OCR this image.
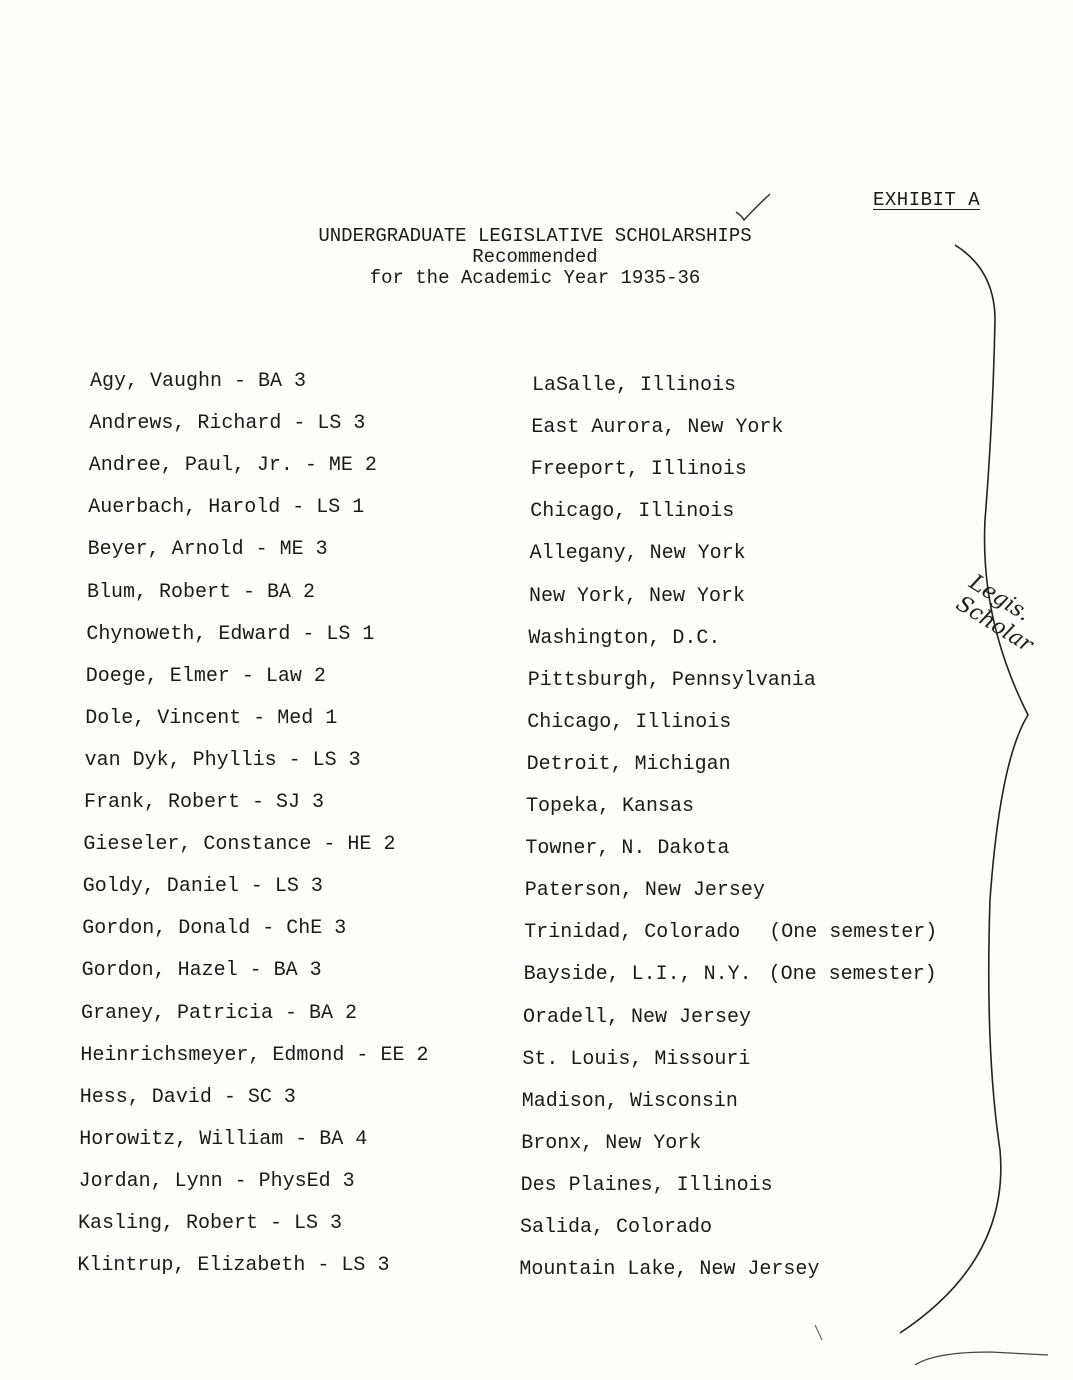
EXHIBIT A
UNDERGRADUATE LEGISLATIVE SCHOLARSHIPS
Recommended
for the Academic Year 1935-36
Agy, Vaughn - BA 3	LaSalle, Illinois
Andrews, Richard - LS 3	East Aurora, New York
Andree, Paul, Jr. - ME 2	Freeport, Illinois
Auerbach, Harold - LS 1	Chicago, Illinois
Beyer, Arnold - ME 3	Allegany, New York
Blum, Robert - BA 2	New York, New York
Chynoweth, Edward - LS 1	Washington, D.C.
Doege, Elmer - Law 2	Pittsburgh, Pennsylvania
Dole, Vincent - Med 1	Chicago, Illinois
van Dyk, Phyllis - LS 3	Detroit, Michigan
Frank, Robert - SJ 3	Topeka, Kansas
Gieseler, Constance - HE 2	Towner, N. Dakota
Goldy, Daniel - LS 3	Paterson, New Jersey
Gordon, Donald - ChE 3	Trinidad, Colorado (One semester)
Gordon, Hazel - BA 3	Bayside, L.I., N.Y. (One semester)
Graney, Patricia - BA 2	Oradell, New Jersey
Heinrichsmeyer, Edmond - EE 2	St. Louis, Missouri
Hess, David - SC 3	Madison, Wisconsin
Horowitz, William - BA 4	Bronx, New York
Jordan, Lynn - PhysEd 3	Des Plaines, Illinois
Kasling, Robert - LS 3	Salida, Colorado
Klintrup, Elizabeth - LS 3	Mountain Lake, New Jersey
Legis. Scholar
